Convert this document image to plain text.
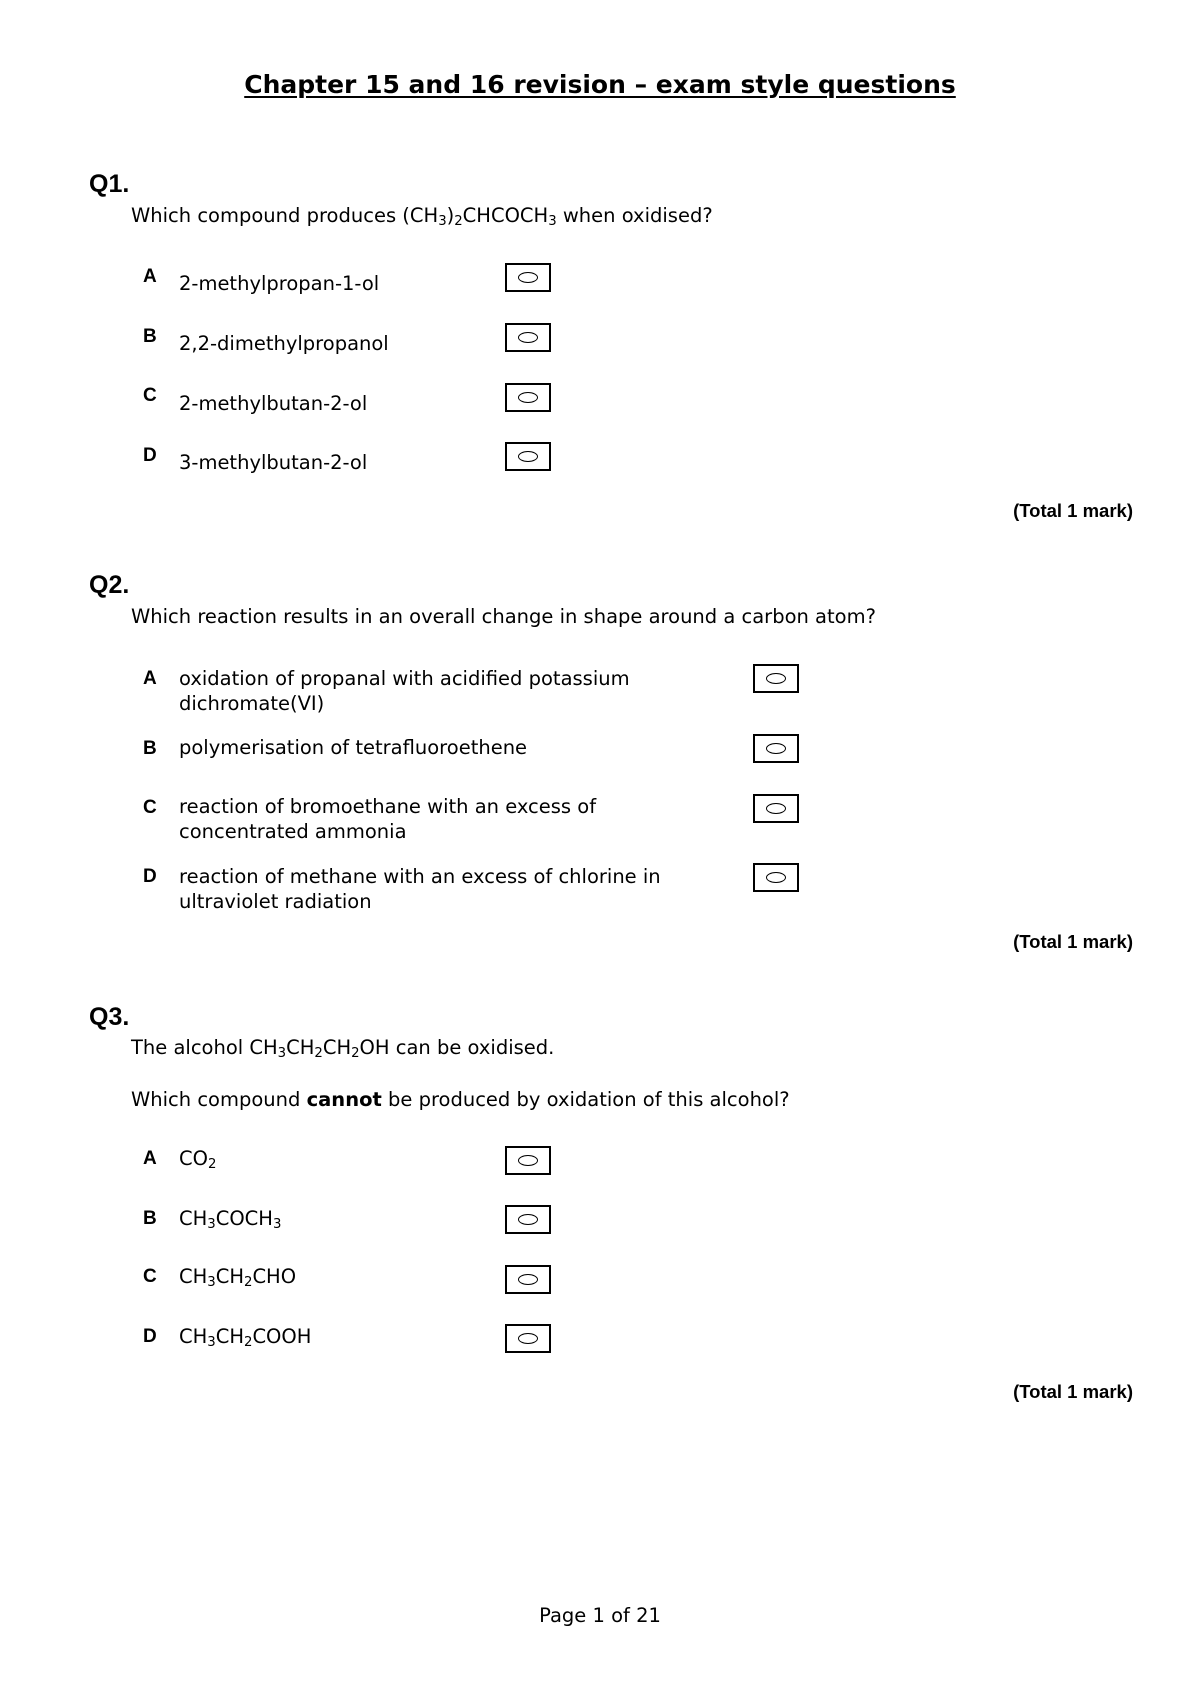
Chapter 15 and 16 revision – exam style questions
Q1.
Which compound produces $(CH_3)_2CHCOCH_3$ when oxidised?
A 2-methylpropan-1-ol
B 2,2-dimethylpropanol
C 2-methylbutan-2-ol
D 3-methylbutan-2-ol
(Total 1 mark)
Q2.
Which reaction results in an overall change in shape around a carbon atom?
A oxidation of propanal with acidified potassium
dichromate(VI)
B polymerisation of tetrafluoroethene
C reaction of bromoethane with an excess of
concentrated ammonia
D reaction of methane with an excess of chlorine in
ultraviolet radiation
(Total 1 mark)
Q3.
The alcohol $CH_3CH_2CH_2OH$ can be oxidised.
Which compound cannot be produced by oxidation of this alcohol?
A $CO_2$
B $CH_3COCH_3$
C $CH_3CH_2CHO$
D $CH_3CH_2COOH$
(Total 1 mark)
Page 1 of 21
